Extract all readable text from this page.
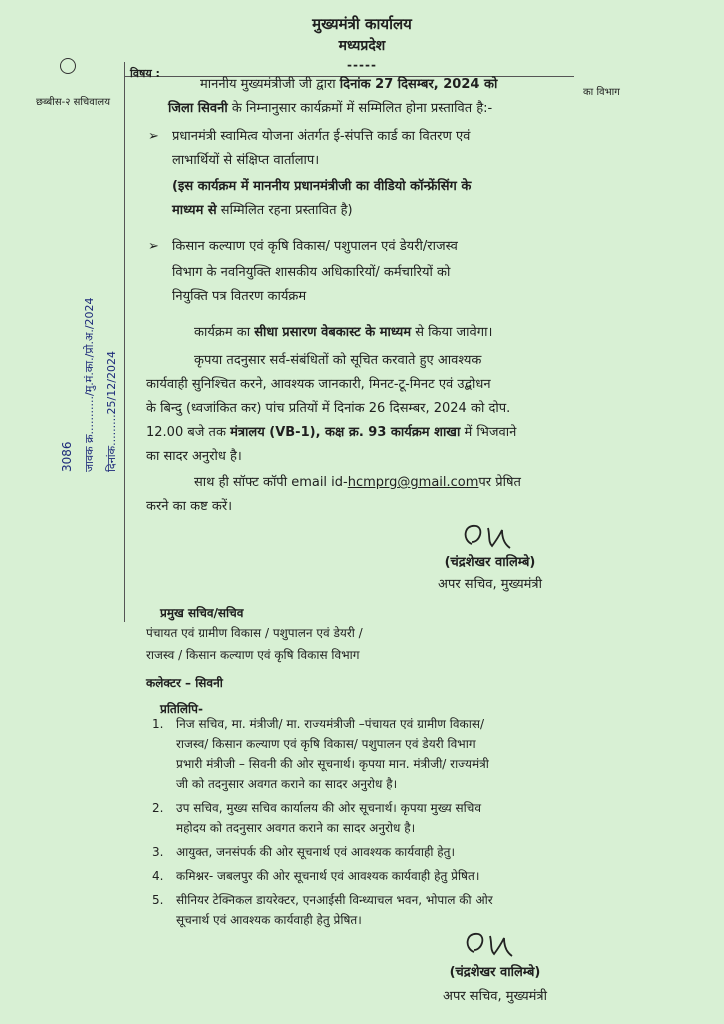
मुख्यमंत्री कार्यालय
मध्यप्रदेश
-----
छब्बीस-२ सचिवालय
का विभाग
विषय :
माननीय मुख्यमंत्रीजी जी द्वारा दिनांक 27 दिसम्बर, 2024 को
जिला सिवनी के निम्नानुसार कार्यक्रमों में सम्मिलित होना प्रस्तावित है:-
➢ प्रधानमंत्री स्वामित्व योजना अंतर्गत ई-संपत्ति कार्ड का वितरण एवं
लाभार्थियों से संक्षिप्त वार्तालाप।
(इस कार्यक्रम में माननीय प्रधानमंत्रीजी का वीडियो कॉन्फ्रेंसिंग के
माध्यम से सम्मिलित रहना प्रस्तावित है)
➢ किसान कल्याण एवं कृषि विकास/ पशुपालन एवं डेयरी/राजस्व
विभाग के नवनियुक्ति शासकीय अधिकारियों/ कर्मचारियों को
नियुक्ति पत्र वितरण कार्यक्रम
कार्यक्रम का सीधा प्रसारण वेबकास्ट के माध्यम से किया जावेगा।
कृपया तदनुसार सर्व-संबंधितों को सूचित करवाते हुए आवश्यक
कार्यवाही सुनिश्चित करने, आवश्यक जानकारी, मिनट-टू-मिनट एवं उद्बोधन
के बिन्दु (ध्वजांकित कर) पांच प्रतियों में दिनांक 26 दिसम्बर, 2024 को दोप.
12.00 बजे तक मंत्रालय (VB-1), कक्ष क्र. 93 कार्यक्रम शाखा में भिजवाने
का सादर अनुरोध है।
साथ ही सॉफ्ट कॉपी email id-hcmprg@gmail.comपर प्रेषित
करने का कष्ट करें।
3086 जावक क्र.........../मु.मं.का./प्रो.अ./2024 दिनांक.........25/12/2024
(चंद्रशेखर वालिम्बे)
अपर सचिव, मुख्यमंत्री
प्रमुख सचिव/सचिव
पंचायत एवं ग्रामीण विकास / पशुपालन एवं डेयरी /
राजस्व / किसान कल्याण एवं कृषि विकास विभाग
कलेक्टर – सिवनी
प्रतिलिपि-
1. निज सचिव, मा. मंत्रीजी/ मा. राज्यमंत्रीजी –पंचायत एवं ग्रामीण विकास/
राजस्व/ किसान कल्याण एवं कृषि विकास/ पशुपालन एवं डेयरी विभाग
प्रभारी मंत्रीजी – सिवनी की ओर सूचनार्थ। कृपया मान. मंत्रीजी/ राज्यमंत्री
जी को तदनुसार अवगत कराने का सादर अनुरोध है।
2. उप सचिव, मुख्य सचिव कार्यालय की ओर सूचनार्थ। कृपया मुख्य सचिव
महोदय को तदनुसार अवगत कराने का सादर अनुरोध है।
3. आयुक्त, जनसंपर्क की ओर सूचनार्थ एवं आवश्यक कार्यवाही हेतु।
4. कमिश्नर- जबलपुर की ओर सूचनार्थ एवं आवश्यक कार्यवाही हेतु प्रेषित।
5. सीनियर टेक्निकल डायरेक्टर, एनआईसी विन्ध्याचल भवन, भोपाल की ओर
सूचनार्थ एवं आवश्यक कार्यवाही हेतु प्रेषित।
(चंद्रशेखर वालिम्बे)
अपर सचिव, मुख्यमंत्री
